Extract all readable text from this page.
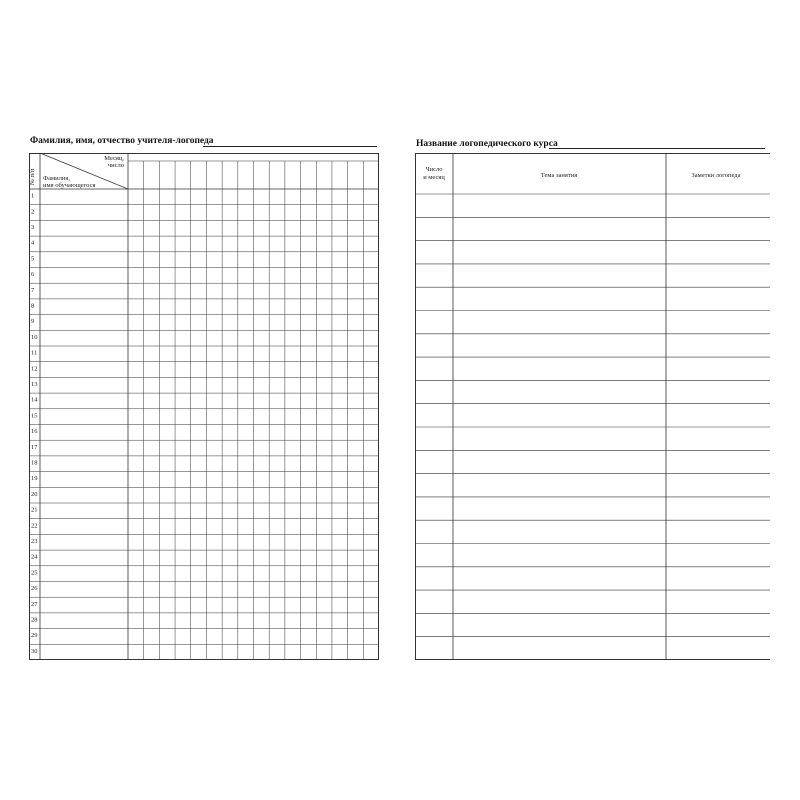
Фамилия, имя, отчество учителя-логопеда
№ п/п
Месяц,
число
Фамилия,
имя обучающегося
1
2
3
4
5
6
7
8
9
10
11
12
13
14
15
16
17
18
19
20
21
22
23
24
25
26
27
28
29
30
Название логопедического курса
Число
и месяц	Тема занятия	Заметки логопеда
